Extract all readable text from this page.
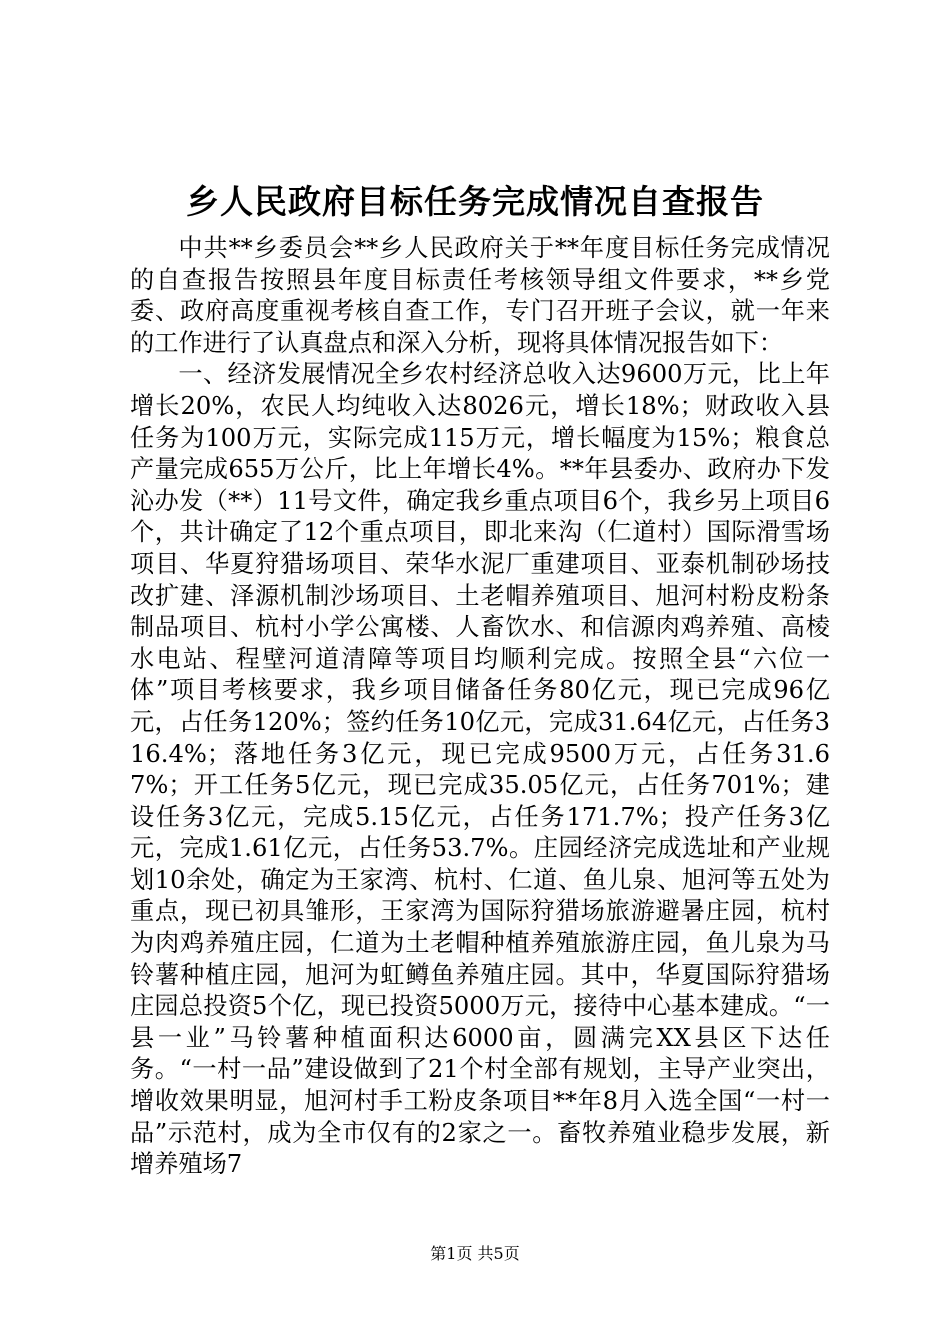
乡人民政府目标任务完成情况自查报告

中共**乡委员会**乡人民政府关于**年度目标任务完成情况的自查报告按照县年度目标责任考核领导组文件要求，**乡党委、政府高度重视考核自查工作，专门召开班子会议，就一年来的工作进行了认真盘点和深入分析，现将具体情况报告如下：

一、经济发展情况全乡农村经济总收入达9600万元，比上年增长20%，农民人均纯收入达8026元，增长18%；财政收入县任务为100万元，实际完成115万元，增长幅度为15%；粮食总产量完成655万公斤，比上年增长4%。**年县委办、政府办下发沁办发（**）11号文件，确定我乡重点项目6个，我乡另上项目6个，共计确定了12个重点项目，即北来沟（仁道村）国际滑雪场项目、华夏狩猎场项目、荣华水泥厂重建项目、亚泰机制砂场技改扩建、泽源机制沙场项目、土老帽养殖项目、旭河村粉皮粉条制品项目、杭村小学公寓楼、人畜饮水、和信源肉鸡养殖、高棱水电站、程壁河道清障等项目均顺利完成。按照全县“六位一体”项目考核要求，我乡项目储备任务80亿元，现已完成96亿元，占任务120%；签约任务10亿元，完成31.64亿元，占任务316.4%；落地任务3亿元，现已完成9500万元，占任务31.67%；开工任务5亿元，现已完成35.05亿元，占任务701%；建设任务3亿元，完成5.15亿元，占任务171.7%；投产任务3亿元，完成1.61亿元，占任务53.7%。庄园经济完成选址和产业规划10余处，确定为王家湾、杭村、仁道、鱼儿泉、旭河等五处为重点，现已初具雏形，王家湾为国际狩猎场旅游避暑庄园，杭村为肉鸡养殖庄园，仁道为土老帽种植养殖旅游庄园，鱼儿泉为马铃薯种植庄园，旭河为虹鳟鱼养殖庄园。其中，华夏国际狩猎场庄园总投资5个亿，现已投资5000万元，接待中心基本建成。“一县一业”马铃薯种植面积达6000亩，圆满完XX县区下达任务。“一村一品”建设做到了21个村全部有规划，主导产业突出，增收效果明显，旭河村手工粉皮条项目**年8月入选全国“一村一品”示范村，成为全市仅有的2家之一。畜牧养殖业稳步发展，新增养殖场7

第1页 共5页
